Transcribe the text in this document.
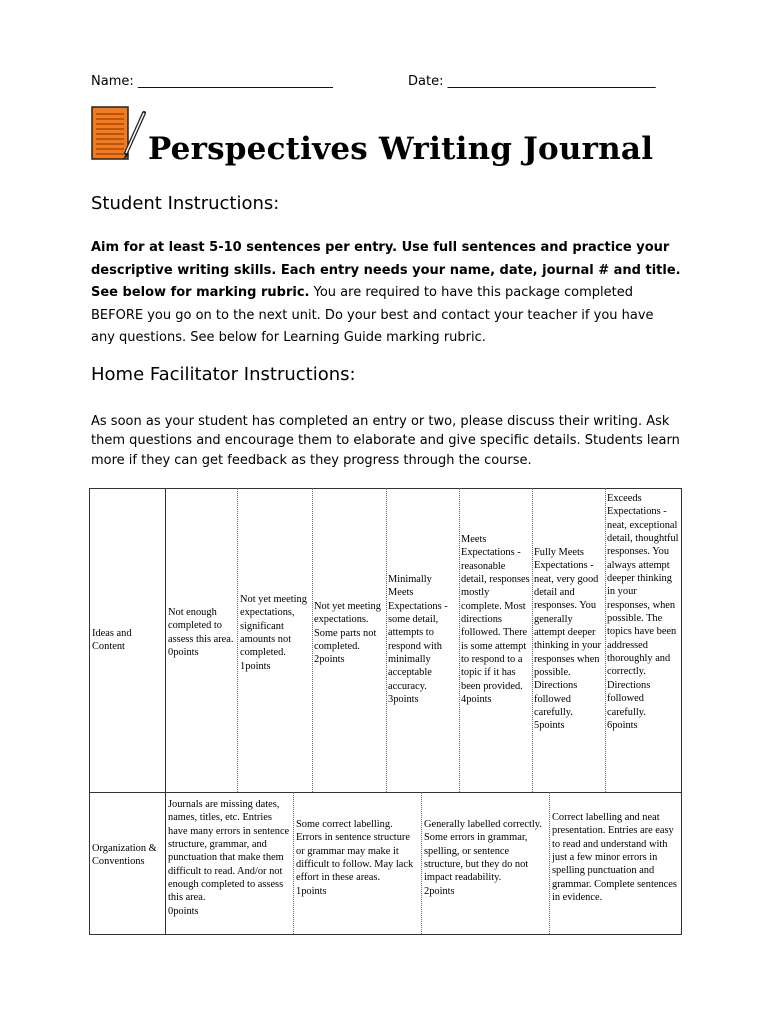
Name: ______________________________	Date: ________________________________
Perspectives Writing Journal
Student Instructions:
Aim for at least 5-10 sentences per entry. Use full sentences and practice your descriptive writing skills. Each entry needs your name, date, journal # and title. See below for marking rubric. You are required to have this package completed BEFORE you go on to the next unit. Do your best and contact your teacher if you have any questions. See below for Learning Guide marking rubric.
Home Facilitator Instructions:
As soon as your student has completed an entry or two, please discuss their writing. Ask them questions and encourage them to elaborate and give specific details. Students learn more if they can get feedback as they progress through the course.
Ideas and Content
Not enough completed to assess this area.
0points
Not yet meeting expectations, significant amounts not completed.
1points
Not yet meeting expectations. Some parts not completed.
2points
Minimally Meets Expectations - some detail, attempts to respond with minimally acceptable accuracy.
3points
Meets Expectations - reasonable detail, responses mostly complete. Most directions followed. There is some attempt to respond to a topic if it has been provided.
4points
Fully Meets Expectations - neat, very good detail and responses. You generally attempt deeper thinking in your responses when possible. Directions followed carefully.
5points
Exceeds Expectations - neat, exceptional detail, thoughtful responses. You always attempt deeper thinking in your responses, when possible. The topics have been addressed thoroughly and correctly. Directions followed carefully.
6points
Organization & Conventions
Journals are missing dates, names, titles, etc. Entries have many errors in sentence structure, grammar, and punctuation that make them difficult to read. And/or not enough completed to assess this area.
0points
Some correct labelling. Errors in sentence structure or grammar may make it difficult to follow. May lack effort in these areas.
1points
Generally labelled correctly. Some errors in grammar, spelling, or sentence structure, but they do not impact readability.
2points
Correct labelling and neat presentation. Entries are easy to read and understand with just a few minor errors in spelling punctuation and grammar. Complete sentences in evidence.
